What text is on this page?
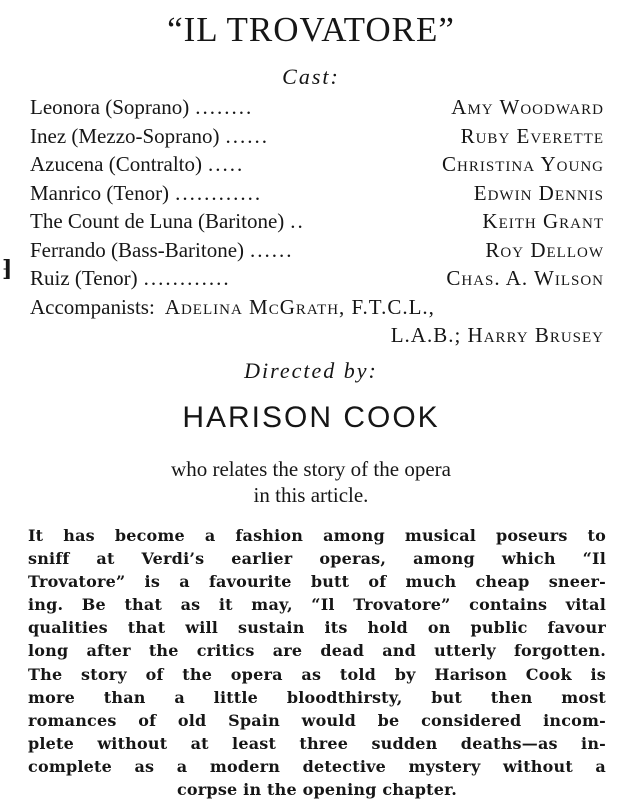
“IL TROVATORE”
Cast:
⁆
Leonora (Soprano) ........	Amy Woodward
Inez (Mezzo-Soprano) ......	Ruby Everette
Azucena (Contralto) .....	Christina Young
Manrico (Tenor) ............	Edwin Dennis
The Count de Luna (Baritone) ..	Keith Grant
Ferrando (Bass-Baritone) ......	Roy Dellow
Ruiz (Tenor) ............	Chas. A. Wilson
Accompanists: Adelina McGrath, F.T.C.L.,
L.A.B.; Harry Brusey
Directed by:
HARISON COOK
who relates the story of the opera
in this article.
It has become a fashion among musical poseurs to
sniff at Verdi’s earlier operas, among which “Il
Trovatore” is a favourite butt of much cheap sneer-
ing. Be that as it may, “Il Trovatore” contains vital
qualities that will sustain its hold on public favour
long after the critics are dead and utterly forgotten.
The story of the opera as told by Harison Cook is
more than a little bloodthirsty, but then most
romances of old Spain would be considered incom-
plete without at least three sudden deaths—as in-
complete as a modern detective mystery without a
corpse in the opening chapter.
